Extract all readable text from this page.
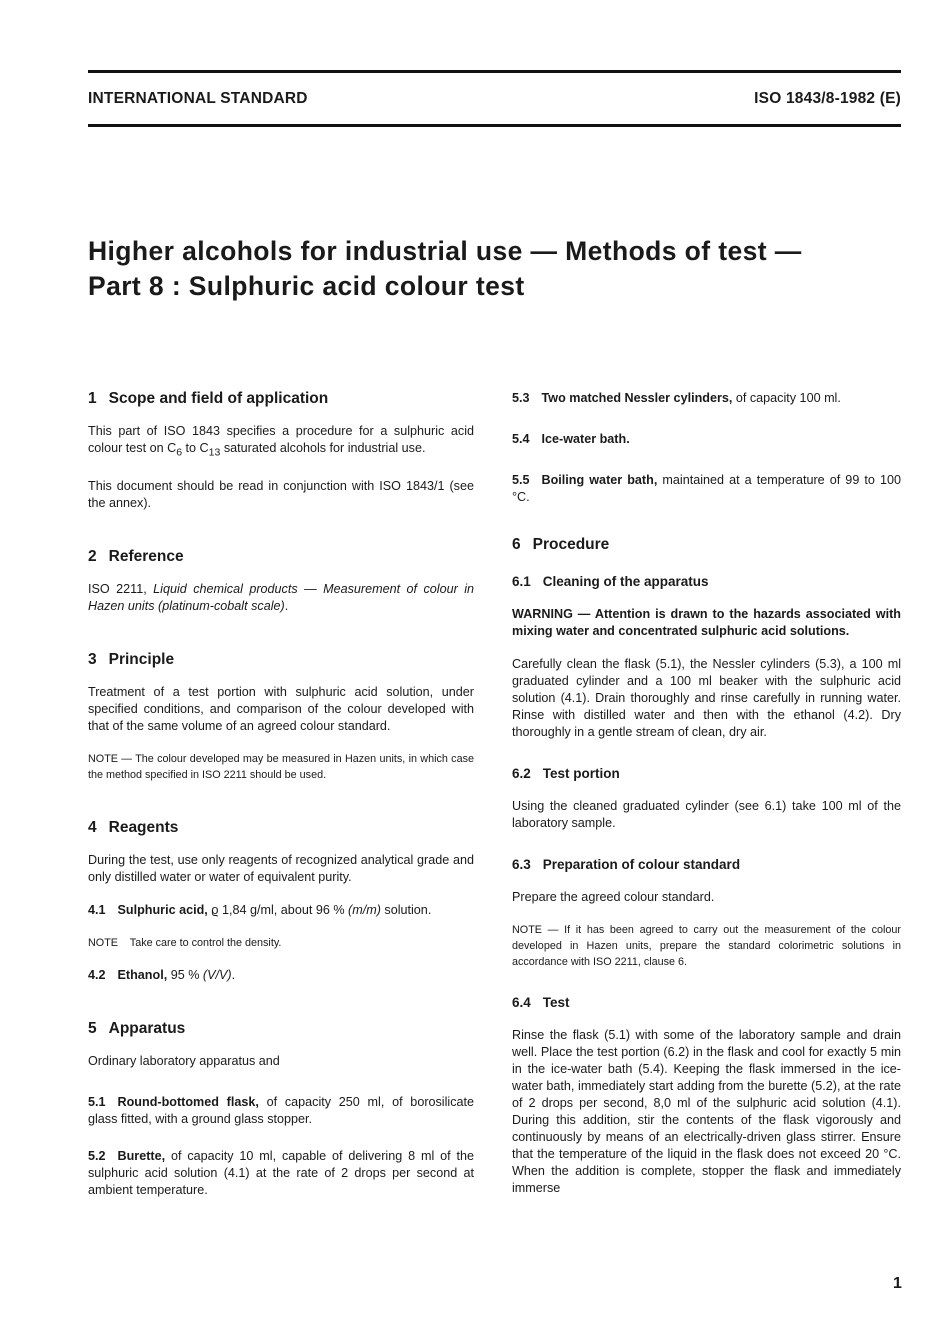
INTERNATIONAL STANDARD	ISO 1843/8-1982 (E)
Higher alcohols for industrial use — Methods of test —
Part 8 : Sulphuric acid colour test
1 Scope and field of application

This part of ISO 1843 specifies a procedure for a sulphuric acid colour test on $C_6$ to $C_{13}$ saturated alcohols for industrial use.

This document should be read in conjunction with ISO 1843/1 (see the annex).

2 Reference

ISO 2211, Liquid chemical products — Measurement of colour in Hazen units (platinum-cobalt scale).

3 Principle

Treatment of a test portion with sulphuric acid solution, under specified conditions, and comparison of the colour developed with that of the same volume of an agreed colour standard.

NOTE — The colour developed may be measured in Hazen units, in which case the method specified in ISO 2211 should be used.

4 Reagents

During the test, use only reagents of recognized analytical grade and only distilled water or water of equivalent purity.

4.1 Sulphuric acid, ϱ 1,84 g/ml, about 96 % (m/m) solution.

NOTE    Take care to control the density.

4.2 Ethanol, 95 % (V/V).

5 Apparatus

Ordinary laboratory apparatus and

5.1 Round-bottomed flask, of capacity 250 ml, of borosilicate glass fitted, with a ground glass stopper.

5.2 Burette, of capacity 10 ml, capable of delivering 8 ml of the sulphuric acid solution (4.1) at the rate of 2 drops per second at ambient temperature.

5.3 Two matched Nessler cylinders, of capacity 100 ml.

5.4 Ice-water bath.

5.5 Boiling water bath, maintained at a temperature of 99 to 100 °C.

6 Procedure
6.1 Cleaning of the apparatus

WARNING — Attention is drawn to the hazards associated with mixing water and concentrated sulphuric acid solutions.

Carefully clean the flask (5.1), the Nessler cylinders (5.3), a 100 ml graduated cylinder and a 100 ml beaker with the sulphuric acid solution (4.1). Drain thoroughly and rinse carefully in running water. Rinse with distilled water and then with the ethanol (4.2). Dry thoroughly in a gentle stream of clean, dry air.

6.2 Test portion

Using the cleaned graduated cylinder (see 6.1) take 100 ml of the laboratory sample.

6.3 Preparation of colour standard

Prepare the agreed colour standard.

NOTE — If it has been agreed to carry out the measurement of the colour developed in Hazen units, prepare the standard colorimetric solutions in accordance with ISO 2211, clause 6.

6.4 Test

Rinse the flask (5.1) with some of the laboratory sample and drain well. Place the test portion (6.2) in the flask and cool for exactly 5 min in the ice-water bath (5.4). Keeping the flask immersed in the ice-water bath, immediately start adding from the burette (5.2), at the rate of 2 drops per second, 8,0 ml of the sulphuric acid solution (4.1). During this addition, stir the contents of the flask vigorously and continuously by means of an electrically-driven glass stirrer. Ensure that the temperature of the liquid in the flask does not exceed 20 °C. When the addition is complete, stopper the flask and immediately immerse

1
